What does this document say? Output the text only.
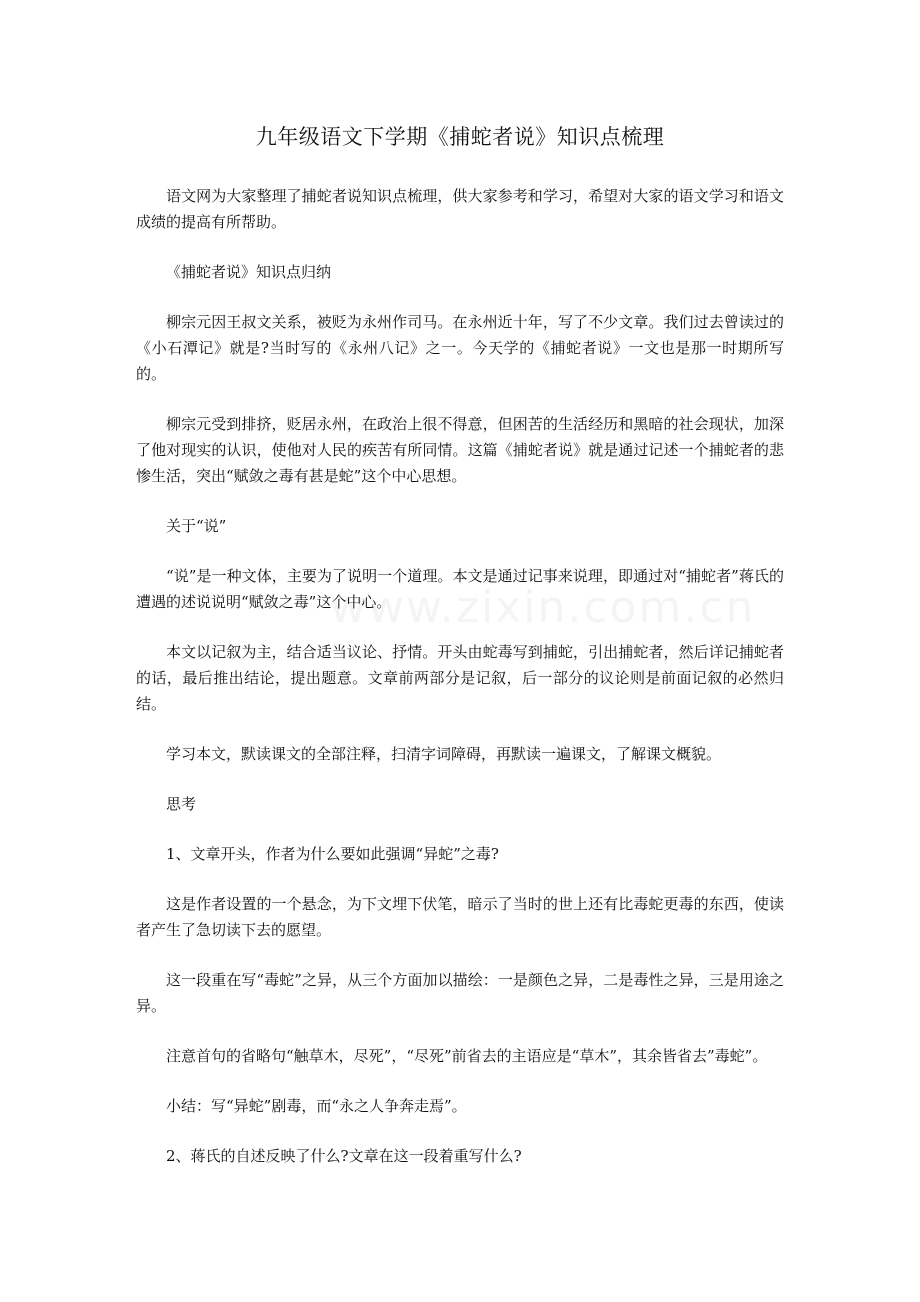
九年级语文下学期《捕蛇者说》知识点梳理

语文网为大家整理了捕蛇者说知识点梳理，供大家参考和学习，希望对大家的语文学习和语文成绩的提高有所帮助。

《捕蛇者说》知识点归纳

柳宗元因王叔文关系，被贬为永州作司马。在永州近十年，写了不少文章。我们过去曾读过的《小石潭记》就是?当时写的《永州八记》之一。今天学的《捕蛇者说》一文也是那一时期所写的。

柳宗元受到排挤，贬居永州，在政治上很不得意，但困苦的生活经历和黑暗的社会现状，加深了他对现实的认识，使他对人民的疾苦有所同情。这篇《捕蛇者说》就是通过记述一个捕蛇者的悲惨生活，突出“赋敛之毒有甚是蛇”这个中心思想。

关于“说”

“说”是一种文体，主要为了说明一个道理。本文是通过记事来说理，即通过对“捕蛇者”蒋氏的遭遇的述说说明“赋敛之毒”这个中心。

本文以记叙为主，结合适当议论、抒情。开头由蛇毒写到捕蛇，引出捕蛇者，然后详记捕蛇者的话，最后推出结论，提出题意。文章前两部分是记叙，后一部分的议论则是前面记叙的必然归结。

学习本文，默读课文的全部注释，扫清字词障碍，再默读一遍课文，了解课文概貌。

思考

1、文章开头，作者为什么要如此强调“异蛇”之毒?

这是作者设置的一个悬念，为下文埋下伏笔，暗示了当时的世上还有比毒蛇更毒的东西，使读者产生了急切读下去的愿望。

这一段重在写“毒蛇”之异，从三个方面加以描绘：一是颜色之异，二是毒性之异，三是用途之异。

注意首句的省略句“触草木，尽死”，“尽死”前省去的主语应是“草木”，其余皆省去”毒蛇”。

小结：写“异蛇”剧毒，而“永之人争奔走焉”。

2、蒋氏的自述反映了什么?文章在这一段着重写什么?
